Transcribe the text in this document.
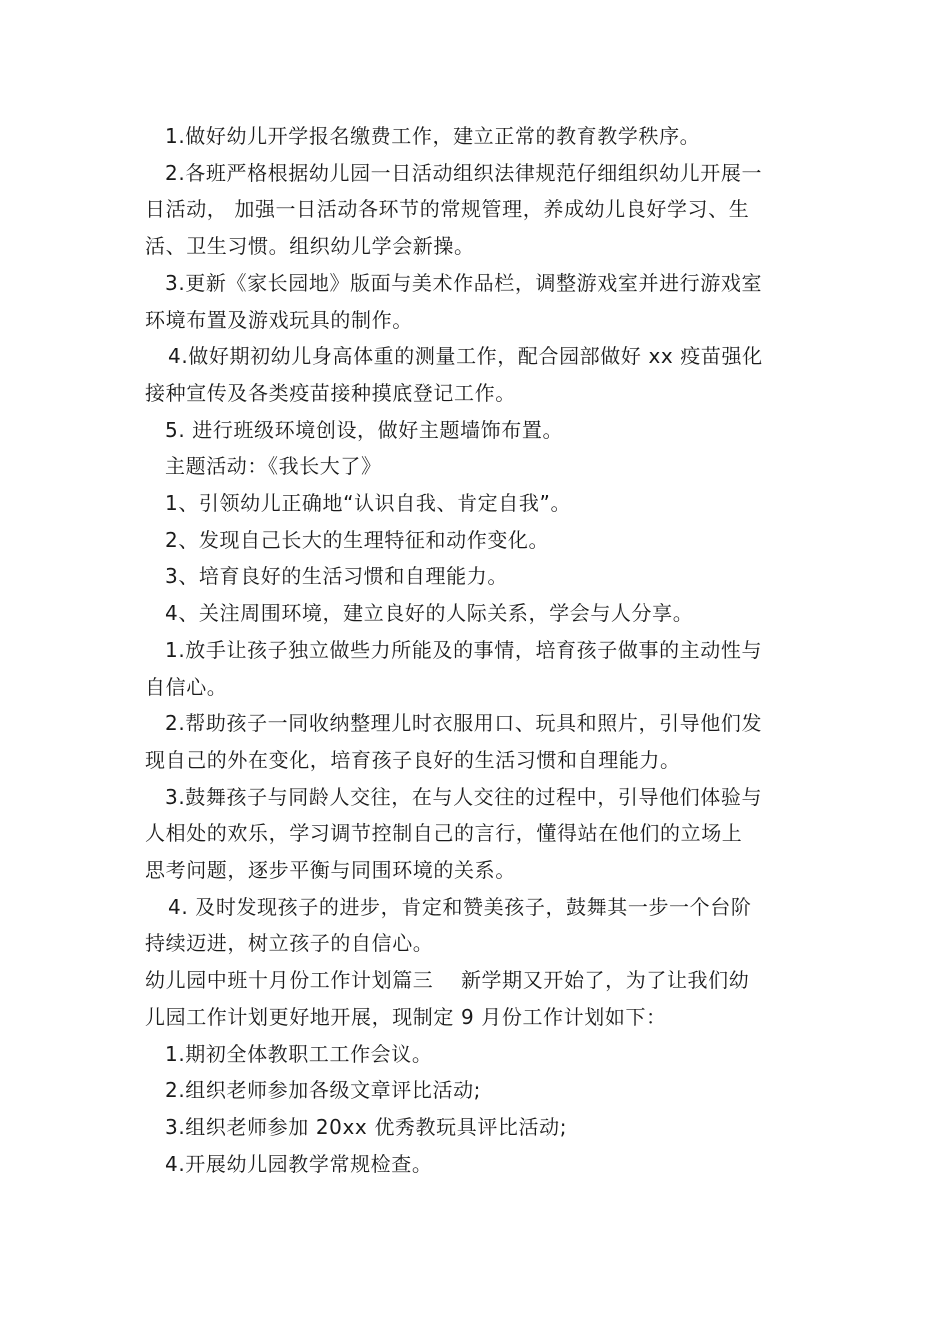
1.做好幼儿开学报名缴费工作，建立正常的教育教学秩序。

2.各班严格根据幼儿园一日活动组织法律规范仔细组织幼儿开展一

日活动， 加强一日活动各环节的常规管理，养成幼儿良好学习、生

活、卫生习惯。组织幼儿学会新操。

3.更新《家长园地》版面与美术作品栏，调整游戏室并进行游戏室

环境布置及游戏玩具的制作。

4.做好期初幼儿身高体重的测量工作，配合园部做好 xx 疫苗强化

接种宣传及各类疫苗接种摸底登记工作。

5. 进行班级环境创设，做好主题墙饰布置。

主题活动：《我长大了》

1、引领幼儿正确地“认识自我、肯定自我”。

2、发现自己长大的生理特征和动作变化。

3、培育良好的生活习惯和自理能力。

4、关注周围环境，建立良好的人际关系，学会与人分享。

1.放手让孩子独立做些力所能及的事情，培育孩子做事的主动性与

自信心。

2.帮助孩子一同收纳整理儿时衣服用口、玩具和照片，引导他们发

现自己的外在变化，培育孩子良好的生活习惯和自理能力。

3.鼓舞孩子与同龄人交往，在与人交往的过程中，引导他们体验与

人相处的欢乐，学习调节控制自己的言行，懂得站在他们的立场上

思考问题，逐步平衡与同围环境的关系。

4. 及时发现孩子的进步，肯定和赞美孩子，鼓舞其一步一个台阶

持续迈进，树立孩子的自信心。

幼儿园中班十月份工作计划篇三　 新学期又开始了，为了让我们幼

儿园工作计划更好地开展，现制定 9 月份工作计划如下：

1.期初全体教职工工作会议。

2.组织老师参加各级文章评比活动;

3.组织老师参加 20xx 优秀教玩具评比活动;

4.开展幼儿园教学常规检查。
